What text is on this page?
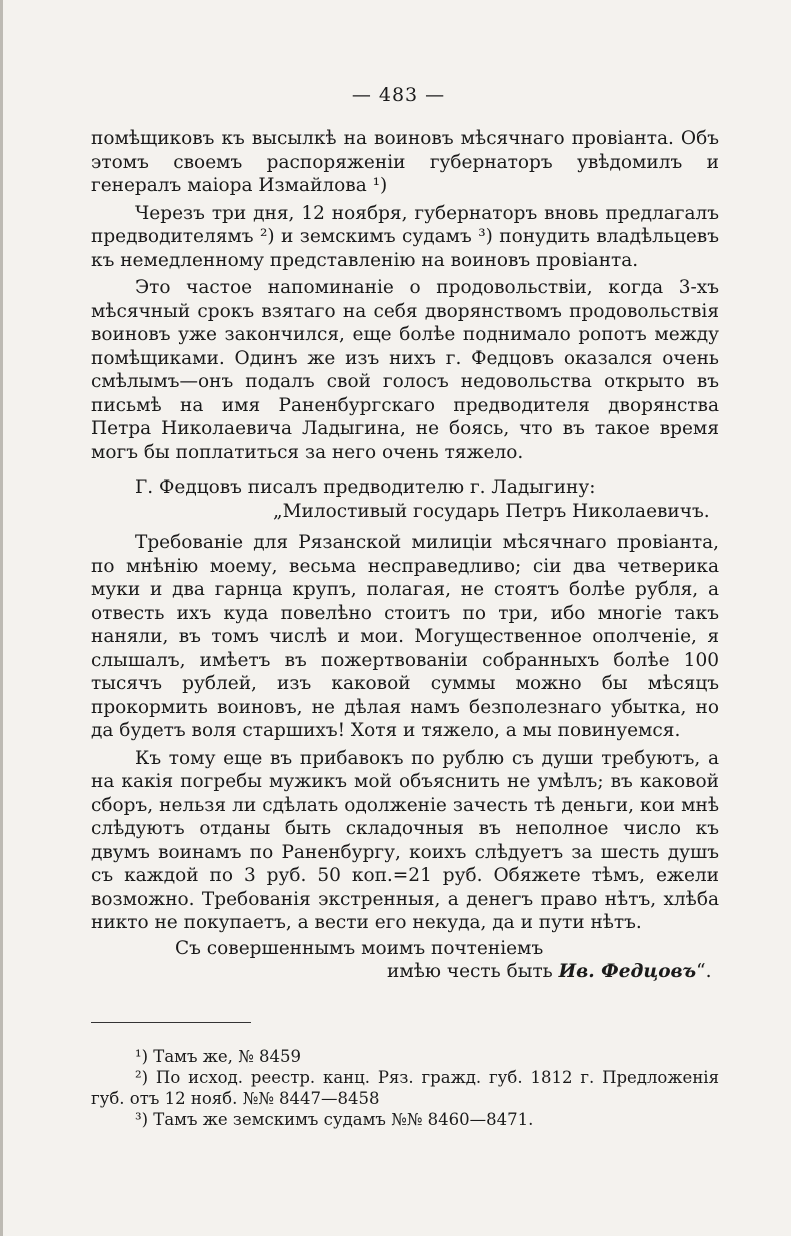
— 483 —

помѣщиковъ къ высылкѣ на воиновъ мѣсячнаго провіанта. Объ этомъ своемъ распоряженіи губернаторъ увѣдомилъ и генералъ маіора Измайлова ¹)

Черезъ три дня, 12 ноября, губернаторъ вновь предлагалъ предводителямъ ²) и земскимъ судамъ ³) понудить владѣльцевъ къ немедленному представленію на воиновъ провіанта.

Это частое напоминаніе о продовольствіи, когда 3-хъ мѣсячный срокъ взятаго на себя дворянствомъ продовольствія воиновъ уже закончился, еще болѣе поднимало ропотъ между помѣщиками. Одинъ же изъ нихъ г. Федцовъ оказался очень смѣлымъ—онъ подалъ свой голосъ недовольства открыто въ письмѣ на имя Раненбургскаго предводителя дворянства Петра Николаевича Ладыгина, не боясь, что въ такое время могъ бы поплатиться за него очень тяжело.

Г. Федцовъ писалъ предводителю г. Ладыгину:

„Милостивый государь Петръ Николаевичъ.

Требованіе для Рязанской милиціи мѣсячнаго провіанта, по мнѣнію моему, весьма несправедливо; сіи два четверика муки и два гарнца крупъ, полагая, не стоятъ болѣе рубля, а отвесть ихъ куда повелѣно стоитъ по три, ибо многіе такъ наняли, въ томъ числѣ и мои. Могущественное ополченіе, я слышалъ, имѣетъ въ пожертвованіи собранныхъ болѣе 100 тысячъ рублей, изъ каковой суммы можно бы мѣсяцъ прокормить воиновъ, не дѣлая намъ безполезнаго убытка, но да будетъ воля старшихъ! Хотя и тяжело, а мы повинуемся.

Къ тому еще въ прибавокъ по рублю съ души требуютъ, а на какія погребы мужикъ мой объяснить не умѣлъ; въ каковой сборъ, нельзя ли сдѣлать одолженіе зачесть тѣ деньги, кои мнѣ слѣдуютъ отданы быть складочныя въ неполное число къ двумъ воинамъ по Раненбургу, коихъ слѣдуетъ за шесть душъ съ каждой по 3 руб. 50 коп.=21 руб. Обяжете тѣмъ, ежели возможно. Требованія экстренныя, а денегъ право нѣтъ, хлѣба никто не покупаетъ, а вести его некуда, да и пути нѣтъ.

Съ совершеннымъ моимъ почтеніемъ

имѣю честь быть Ив. Федцовъ“.

¹) Тамъ же, № 8459

²) По исход. реестр. канц. Ряз. гражд. губ. 1812 г. Предложенія губ. отъ 12 нояб. №№ 8447—8458

³) Тамъ же земскимъ судамъ №№ 8460—8471.
